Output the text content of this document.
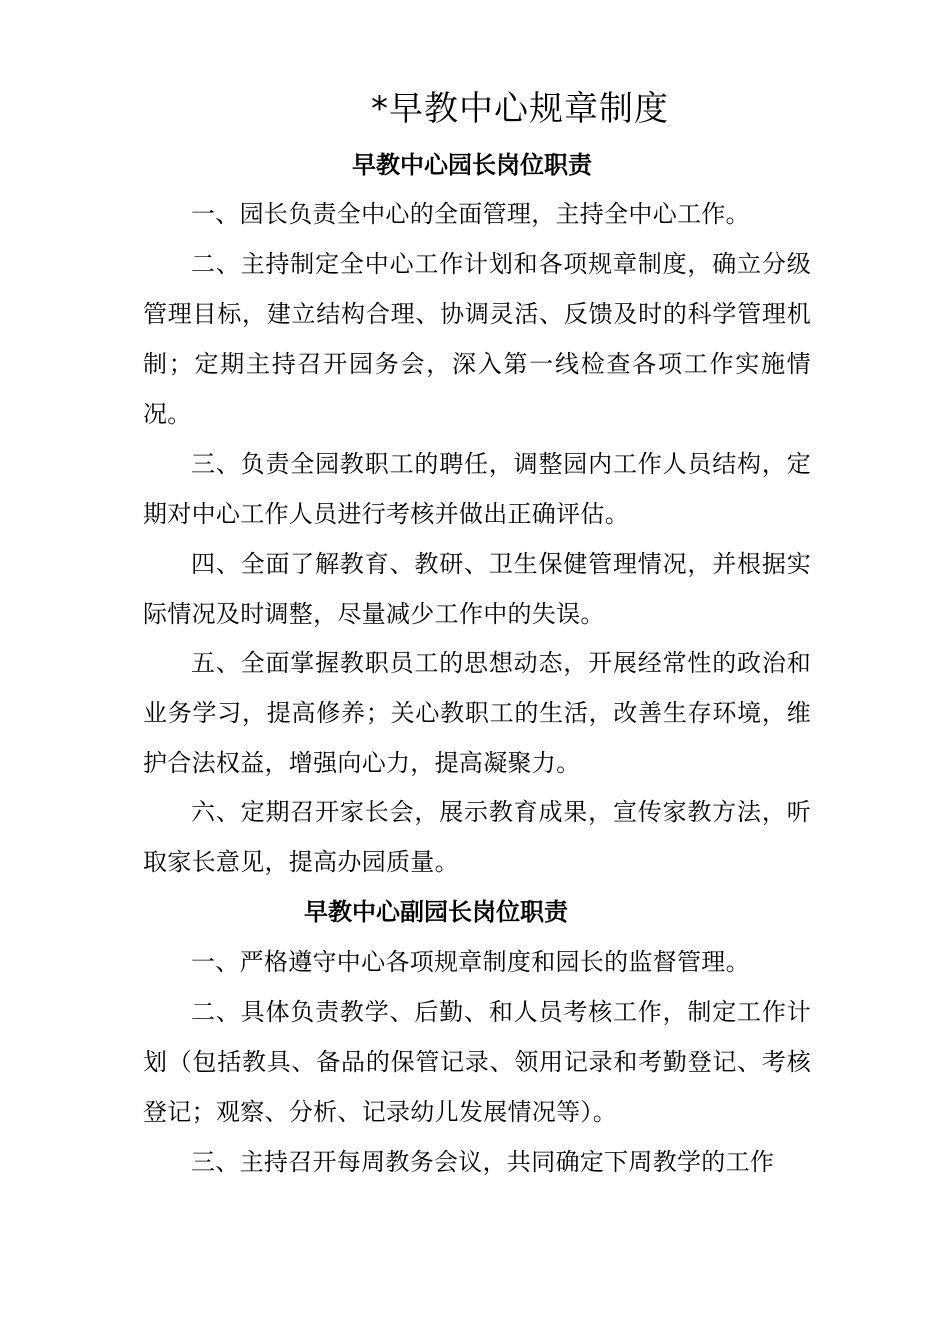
*早教中心规章制度
早教中心园长岗位职责

一、园长负责全中心的全面管理，主持全中心工作。

二、主持制定全中心工作计划和各项规章制度，确立分级管理目标，建立结构合理、协调灵活、反馈及时的科学管理机制；定期主持召开园务会，深入第一线检查各项工作实施情况。

三、负责全园教职工的聘任，调整园内工作人员结构，定期对中心工作人员进行考核并做出正确评估。

四、全面了解教育、教研、卫生保健管理情况，并根据实际情况及时调整，尽量减少工作中的失误。

五、全面掌握教职员工的思想动态，开展经常性的政治和业务学习，提高修养；关心教职工的生活，改善生存环境，维护合法权益，增强向心力，提高凝聚力。

六、定期召开家长会，展示教育成果，宣传家教方法，听取家长意见，提高办园质量。

早教中心副园长岗位职责

一、严格遵守中心各项规章制度和园长的监督管理。

二、具体负责教学、后勤、和人员考核工作，制定工作计划（包括教具、备品的保管记录、领用记录和考勤登记、考核登记；观察、分析、记录幼儿发展情况等）。

三、主持召开每周教务会议，共同确定下周教学的工作
